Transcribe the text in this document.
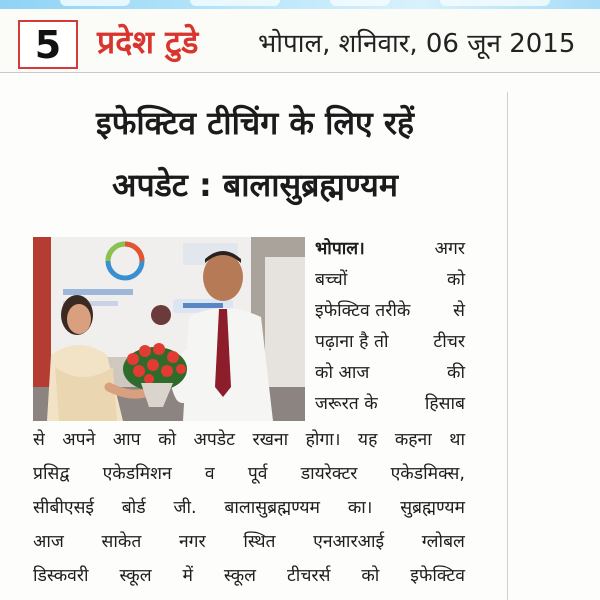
5	प्रदेश टुडे भोपाल, शनिवार, 06 जून 2015
इफेक्टिव टीचिंग के लिए रहें
अपडेट : बालासुब्रह्मण्यम
भोपाल।	अगर
बच्चों	को
इफेक्टिव तरीके से
पढ़ाना है तो	टीचर
को आज	की
जरूरत के	हिसाब
से अपने आप को अपडेट रखना होगा। यह कहना था
प्रसिद्व एकेडमिशन व पूर्व डायरेक्टर एकेडमिक्स,
सीबीएसई बोर्ड जी. बालासुब्रह्मण्यम का। सुब्रह्मण्यम
आज साकेत नगर स्थित एनआरआई ग्लोबल
डिस्कवरी स्कूल में स्कूल टीचरर्स को इफेक्टिव
